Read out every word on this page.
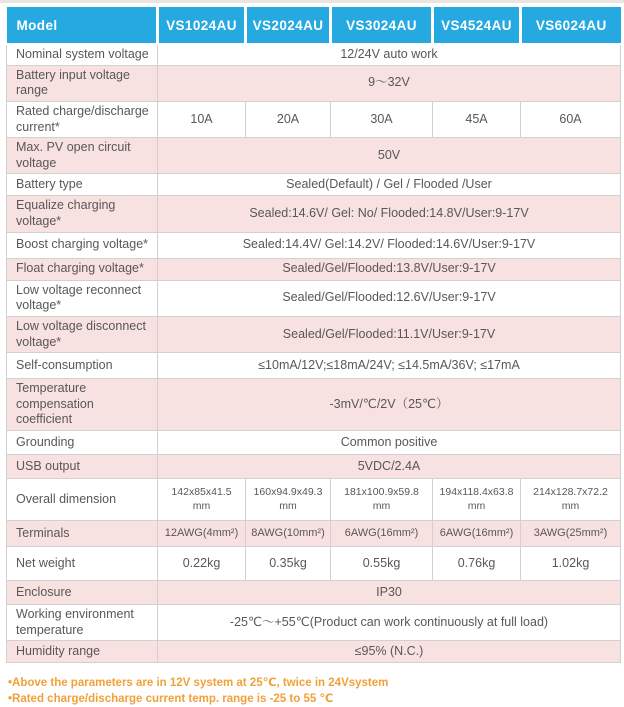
Model	VS1024AU	VS2024AU	VS3024AU	VS4524AU	VS6024AU
Nominal system voltage	12/24V auto work				
Battery input voltage range	9～32V				
Rated charge/discharge current*	10A	20A	30A	45A	60A
Max. PV open circuit voltage	50V				
Battery type	Sealed(Default) / Gel / Flooded /User				
Equalize charging voltage*	Sealed:14.6V/ Gel: No/ Flooded:14.8V/User:9-17V				
Boost charging voltage*	Sealed:14.4V/ Gel:14.2V/ Flooded:14.6V/User:9-17V				
Float charging voltage*	Sealed/Gel/Flooded:13.8V/User:9-17V				
Low voltage reconnect voltage*	Sealed/Gel/Flooded:12.6V/User:9-17V				
Low voltage disconnect voltage*	Sealed/Gel/Flooded:11.1V/User:9-17V				
Self-consumption	≤10mA/12V;≤18mA/24V; ≤14.5mA/36V; ≤17mA				
Temperature compensation coefficient	-3mV/℃/2V（25℃）				
Grounding	Common positive				
USB output	5VDC/2.4A				
Overall dimension	142x85x41.5 mm	160x94.9x49.3 mm	181x100.9x59.8 mm	194x118.4x63.8 mm	214x128.7x72.2 mm
Terminals	12AWG(4mm²)	8AWG(10mm²)	6AWG(16mm²)	6AWG(16mm²)	3AWG(25mm²)
Net weight	0.22kg	0.35kg	0.55kg	0.76kg	1.02kg
Enclosure	IP30				
Working environment temperature	-25℃～+55℃(Product can work continuously at full load)				
Humidity range	≤95% (N.C.)				
•Above the parameters are in 12V system at 25℃, twice in 24Vsystem
•Rated charge/discharge current temp. range is -25 to 55 ℃
